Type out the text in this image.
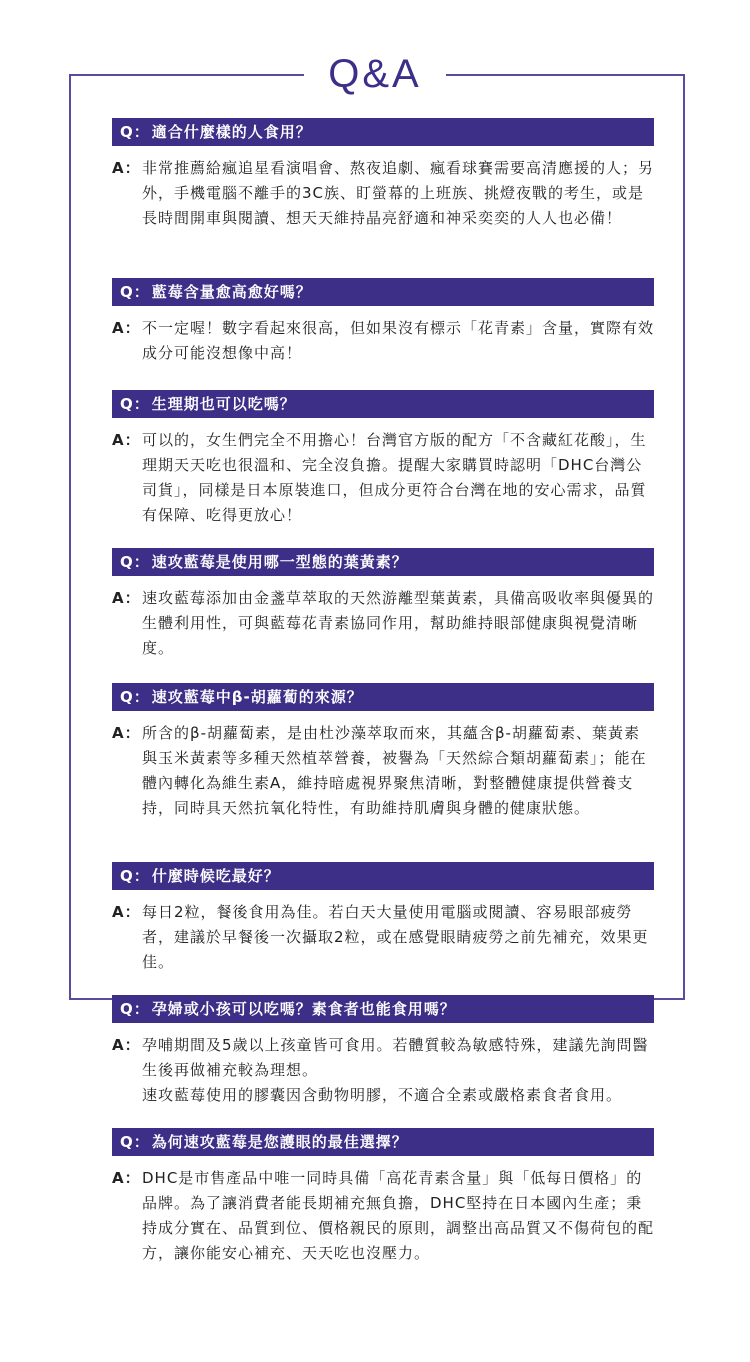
Q&A
Q： 適合什麼樣的人食用？
A： 非常推薦給瘋追星看演唱會、熬夜追劇、瘋看球賽需要高清應援的人；另外，手機電腦不離手的3C族、盯螢幕的上班族、挑燈夜戰的考生，或是長時間開車與閱讀、想天天維持晶亮舒適和神采奕奕的人人也必備！
Q： 藍莓含量愈高愈好嗎？
A： 不一定喔！數字看起來很高，但如果沒有標示「花青素」含量，實際有效成分可能沒想像中高！
Q： 生理期也可以吃嗎？
A： 可以的，女生們完全不用擔心！台灣官方版的配方「不含藏紅花酸」，生理期天天吃也很溫和、完全沒負擔。提醒大家購買時認明「DHC台灣公司貨」，同樣是日本原裝進口，但成分更符合台灣在地的安心需求，品質有保障、吃得更放心！
Q： 速攻藍莓是使用哪一型態的葉黃素？
A： 速攻藍莓添加由金盞草萃取的天然游離型葉黃素，具備高吸收率與優異的生體利用性，可與藍莓花青素協同作用，幫助維持眼部健康與視覺清晰度。
Q： 速攻藍莓中β-胡蘿蔔的來源？
A： 所含的β-胡蘿蔔素，是由杜沙藻萃取而來，其蘊含β-胡蘿蔔素、葉黃素與玉米黃素等多種天然植萃營養，被譽為「天然綜合類胡蘿蔔素」；能在體內轉化為維生素A，維持暗處視界聚焦清晰，對整體健康提供營養支持，同時具天然抗氧化特性，有助維持肌膚與身體的健康狀態。
Q： 什麼時候吃最好？
A： 每日2粒，餐後食用為佳。若白天大量使用電腦或閱讀、容易眼部疲勞者，建議於早餐後一次攝取2粒，或在感覺眼睛疲勞之前先補充，效果更佳。
Q： 孕婦或小孩可以吃嗎？素食者也能食用嗎？
A： 孕哺期間及5歲以上孩童皆可食用。若體質較為敏感特殊，建議先詢問醫生後再做補充較為理想。
速攻藍莓使用的膠囊因含動物明膠，不適合全素或嚴格素食者食用。
Q： 為何速攻藍莓是您護眼的最佳選擇？
A： DHC是市售產品中唯一同時具備「高花青素含量」與「低每日價格」的品牌。為了讓消費者能長期補充無負擔，DHC堅持在日本國內生產；秉持成分實在、品質到位、價格親民的原則，調整出高品質又不傷荷包的配方，讓你能安心補充、天天吃也沒壓力。
